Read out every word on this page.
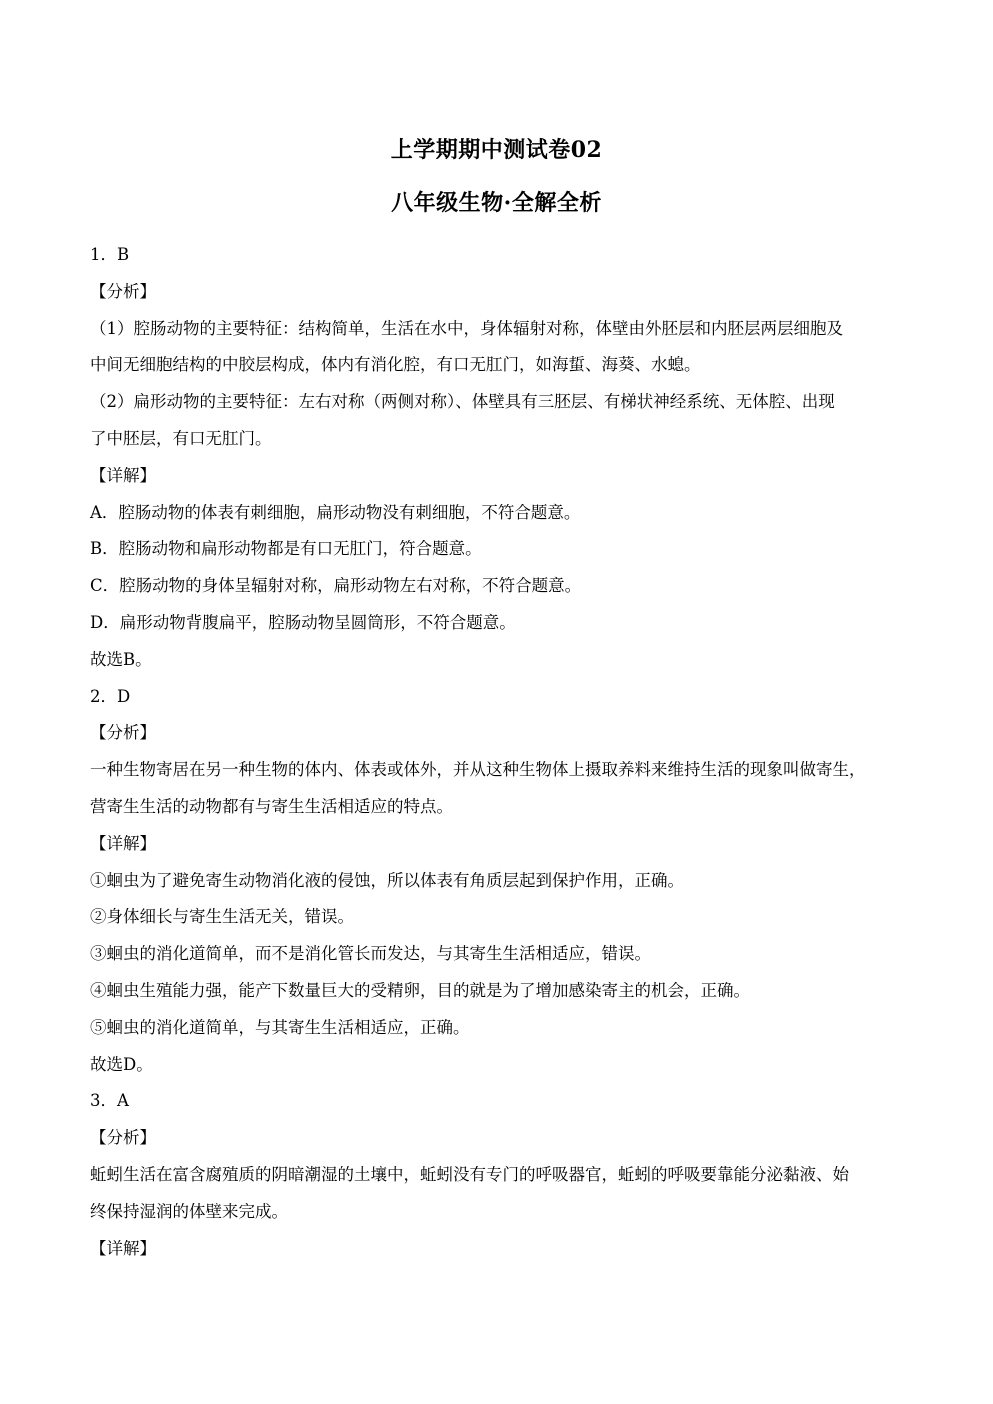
上学期期中测试卷02
八年级生物·全解全析
1．B
【分析】
（1）腔肠动物的主要特征：结构简单，生活在水中，身体辐射对称，体壁由外胚层和内胚层两层细胞及
中间无细胞结构的中胶层构成，体内有消化腔，有口无肛门，如海蜇、海葵、水螅。
（2）扁形动物的主要特征：左右对称（两侧对称）、体壁具有三胚层、有梯状神经系统、无体腔、出现
了中胚层，有口无肛门。
【详解】
A．腔肠动物的体表有刺细胞，扁形动物没有刺细胞，不符合题意。
B．腔肠动物和扁形动物都是有口无肛门，符合题意。
C．腔肠动物的身体呈辐射对称，扁形动物左右对称，不符合题意。
D．扁形动物背腹扁平，腔肠动物呈圆筒形，不符合题意。
故选B。
2．D
【分析】
一种生物寄居在另一种生物的体内、体表或体外，并从这种生物体上摄取养料来维持生活的现象叫做寄生，
营寄生生活的动物都有与寄生生活相适应的特点。
【详解】
①蛔虫为了避免寄生动物消化液的侵蚀，所以体表有角质层起到保护作用，正确。
②身体细长与寄生生活无关，错误。
③蛔虫的消化道简单，而不是消化管长而发达，与其寄生生活相适应，错误。
④蛔虫生殖能力强，能产下数量巨大的受精卵，目的就是为了增加感染寄主的机会，正确。
⑤蛔虫的消化道简单，与其寄生生活相适应，正确。
故选D。
3．A
【分析】
蚯蚓生活在富含腐殖质的阴暗潮湿的土壤中，蚯蚓没有专门的呼吸器官，蚯蚓的呼吸要靠能分泌黏液、始
终保持湿润的体壁来完成。
【详解】
